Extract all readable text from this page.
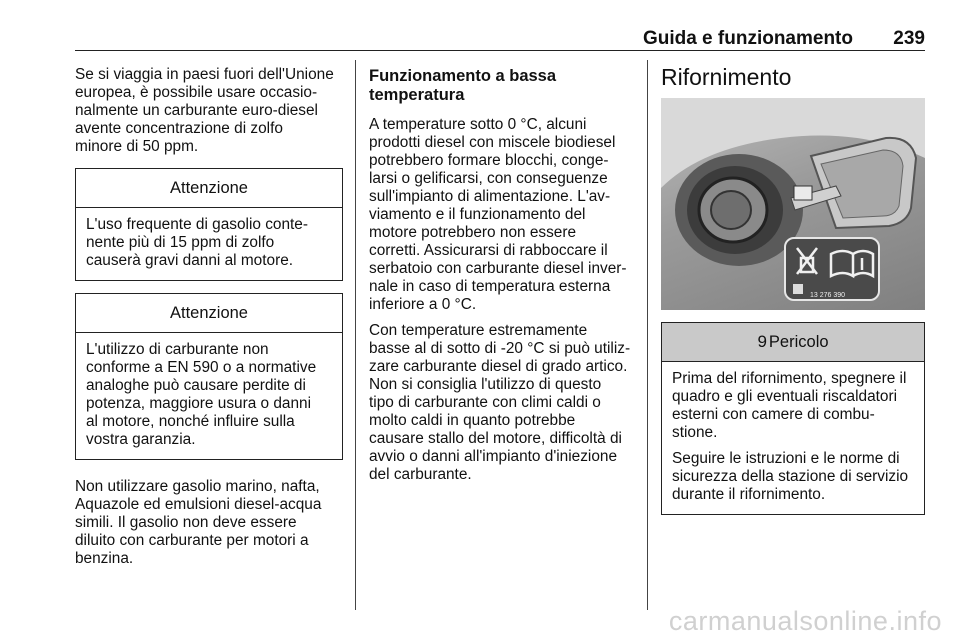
Guida e funzionamento 239
Se si viaggia in paesi fuori dell'Unione
europea, è possibile usare occasio-
nalmente un carburante euro-diesel
avente concentrazione di zolfo
minore di 50 ppm.
Attenzione
L'uso frequente di gasolio conte-
nente più di 15 ppm di zolfo
causerà gravi danni al motore.
Attenzione
L'utilizzo di carburante non
conforme a EN 590 o a normative
analoghe può causare perdite di
potenza, maggiore usura o danni
al motore, nonché influire sulla
vostra garanzia.
Non utilizzare gasolio marino, nafta,
Aquazole ed emulsioni diesel-acqua
simili. Il gasolio non deve essere
diluito con carburante per motori a
benzina.
Funzionamento a bassa
temperatura
A temperature sotto 0 °C, alcuni
prodotti diesel con miscele biodiesel
potrebbero formare blocchi, conge-
larsi o gelificarsi, con conseguenze
sull'impianto di alimentazione. L'av-
viamento e il funzionamento del
motore potrebbero non essere
corretti. Assicurarsi di rabboccare il
serbatoio con carburante diesel inver-
nale in caso di temperatura esterna
inferiore a 0 °C.
Con temperature estremamente
basse al di sotto di -20 °C si può utiliz-
zare carburante diesel di grado artico.
Non si consiglia l'utilizzo di questo
tipo di carburante con climi caldi o
molto caldi in quanto potrebbe
causare stallo del motore, difficoltà di
avvio o danni all'impianto d'iniezione
del carburante.
Rifornimento
13 276 390
9 Pericolo
Prima del rifornimento, spegnere il
quadro e gli eventuali riscaldatori
esterni con camere di combu-
stione.
Seguire le istruzioni e le norme di
sicurezza della stazione di servizio
durante il rifornimento.
carmanualsonline.info
